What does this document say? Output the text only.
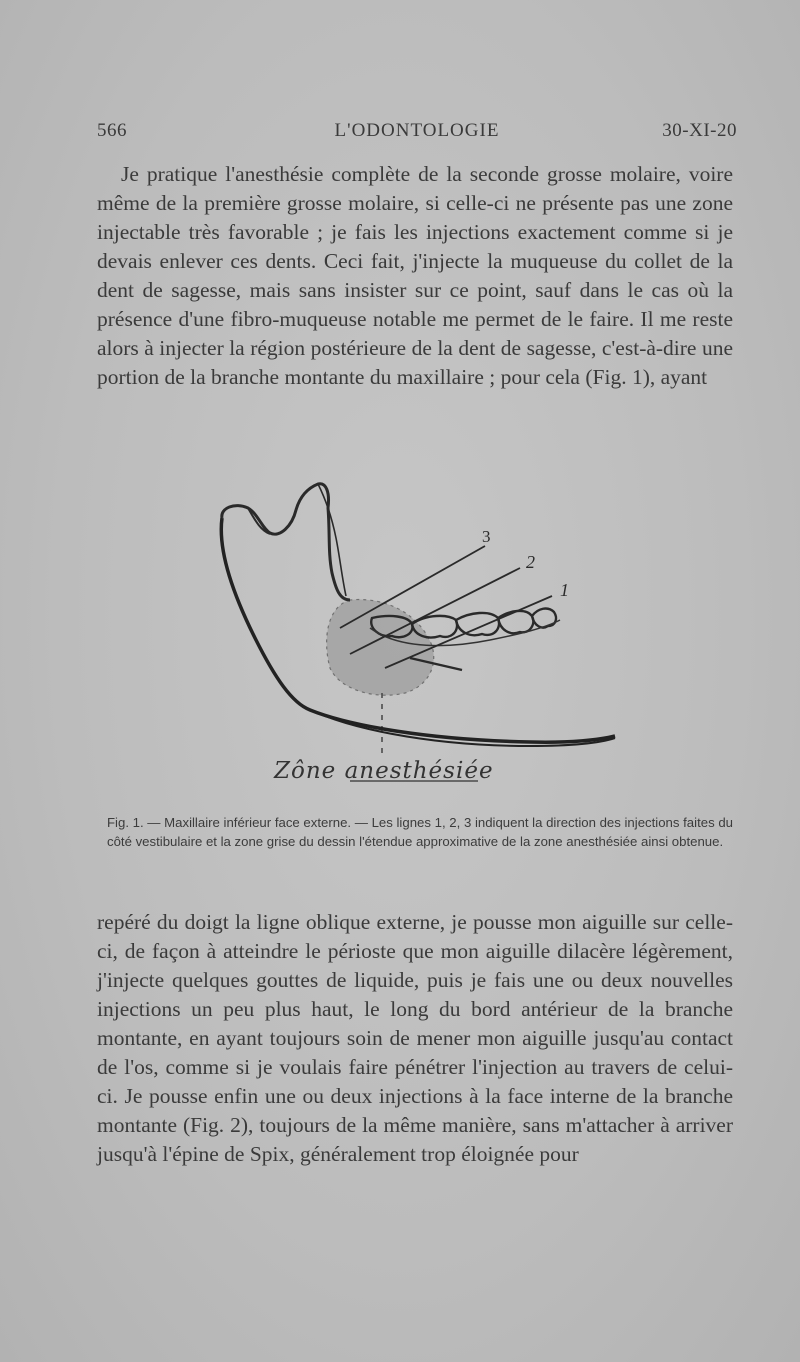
566	L'ODONTOLOGIE	30-XI-20

Je pratique l'anesthésie complète de la seconde grosse molaire, voire même de la première grosse molaire, si celle-ci ne présente pas une zone injectable très favorable ; je fais les injections exactement comme si je devais enlever ces dents. Ceci fait, j'injecte la muqueuse du collet de la dent de sagesse, mais sans insister sur ce point, sauf dans le cas où la présence d'une fibro-muqueuse notable me permet de le faire. Il me reste alors à injecter la région postérieure de la dent de sagesse, c'est-à-dire une portion de la branche montante du maxillaire ; pour cela (Fig. 1), ayant

3
2
1
Zône anesthésiée
Fig. 1. — Maxillaire inférieur face externe. — Les lignes 1, 2, 3 indiquent la direction des injections faites du côté vestibulaire et la zone grise du dessin l'étendue approximative de la zone anesthésiée ainsi obtenue.

repéré du doigt la ligne oblique externe, je pousse mon aiguille sur celle-ci, de façon à atteindre le périoste que mon aiguille dilacère légèrement, j'injecte quelques gouttes de liquide, puis je fais une ou deux nouvelles injections un peu plus haut, le long du bord antérieur de la branche montante, en ayant toujours soin de mener mon aiguille jusqu'au contact de l'os, comme si je voulais faire pénétrer l'injection au travers de celui-ci. Je pousse enfin une ou deux injections à la face interne de la branche montante (Fig. 2), toujours de la même manière, sans m'attacher à arriver jusqu'à l'épine de Spix, généralement trop éloignée pour
